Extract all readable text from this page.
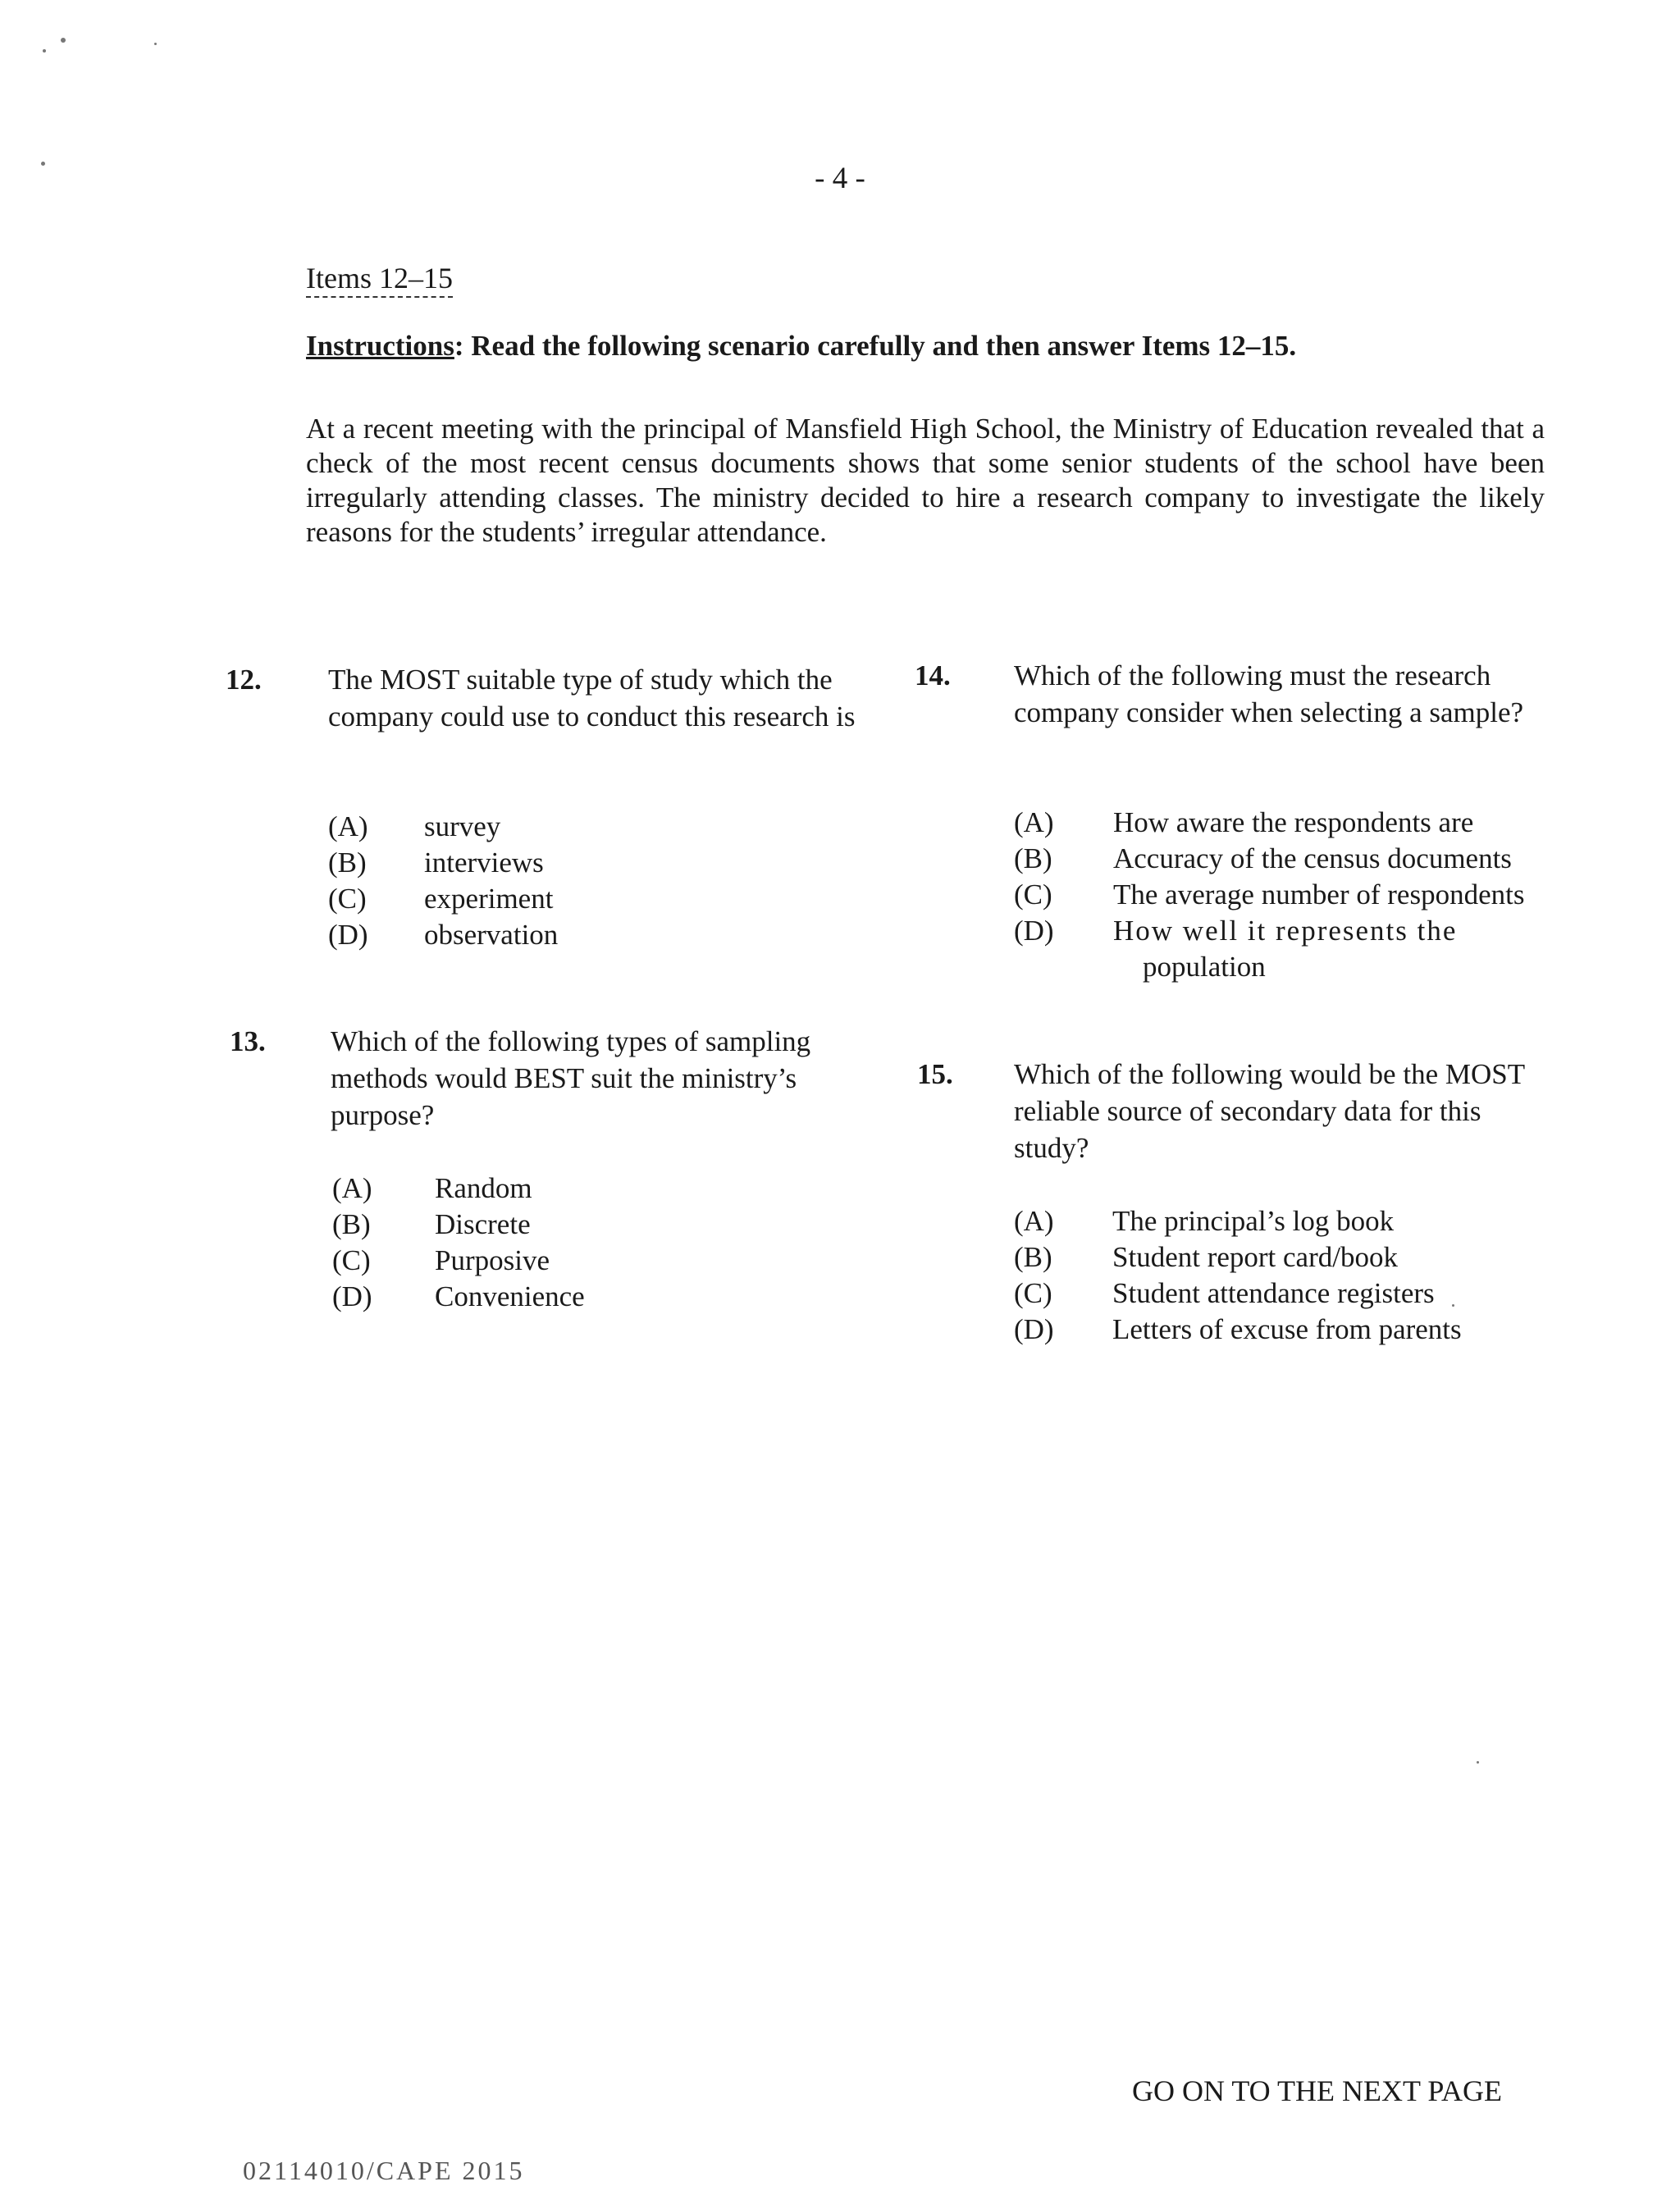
- 4 -
Items 12–15
Instructions: Read the following scenario carefully and then answer Items 12–15.
At a recent meeting with the principal of Mansfield High School, the Ministry of Education revealed that a check of the most recent census documents shows that some senior students of the school have been irregularly attending classes. The ministry decided to hire a research company to investigate the likely reasons for the students’ irregular attendance.
12. The MOST suitable type of study which the company could use to conduct this research is
(A) survey
(B) interviews
(C) experiment
(D) observation
13. Which of the following types of sampling methods would BEST suit the ministry’s purpose?
(A) Random
(B) Discrete
(C) Purposive
(D) Convenience
14. Which of the following must the research company consider when selecting a sample?
(A) How aware the respondents are
(B) Accuracy of the census documents
(C) The average number of respondents
(D) How well it represents the
population
15. Which of the following would be the MOST reliable source of secondary data for this study?
(A) The principal’s log book
(B) Student report card/book
(C) Student attendance registers
(D) Letters of excuse from parents
GO ON TO THE NEXT PAGE
02114010/CAPE 2015
